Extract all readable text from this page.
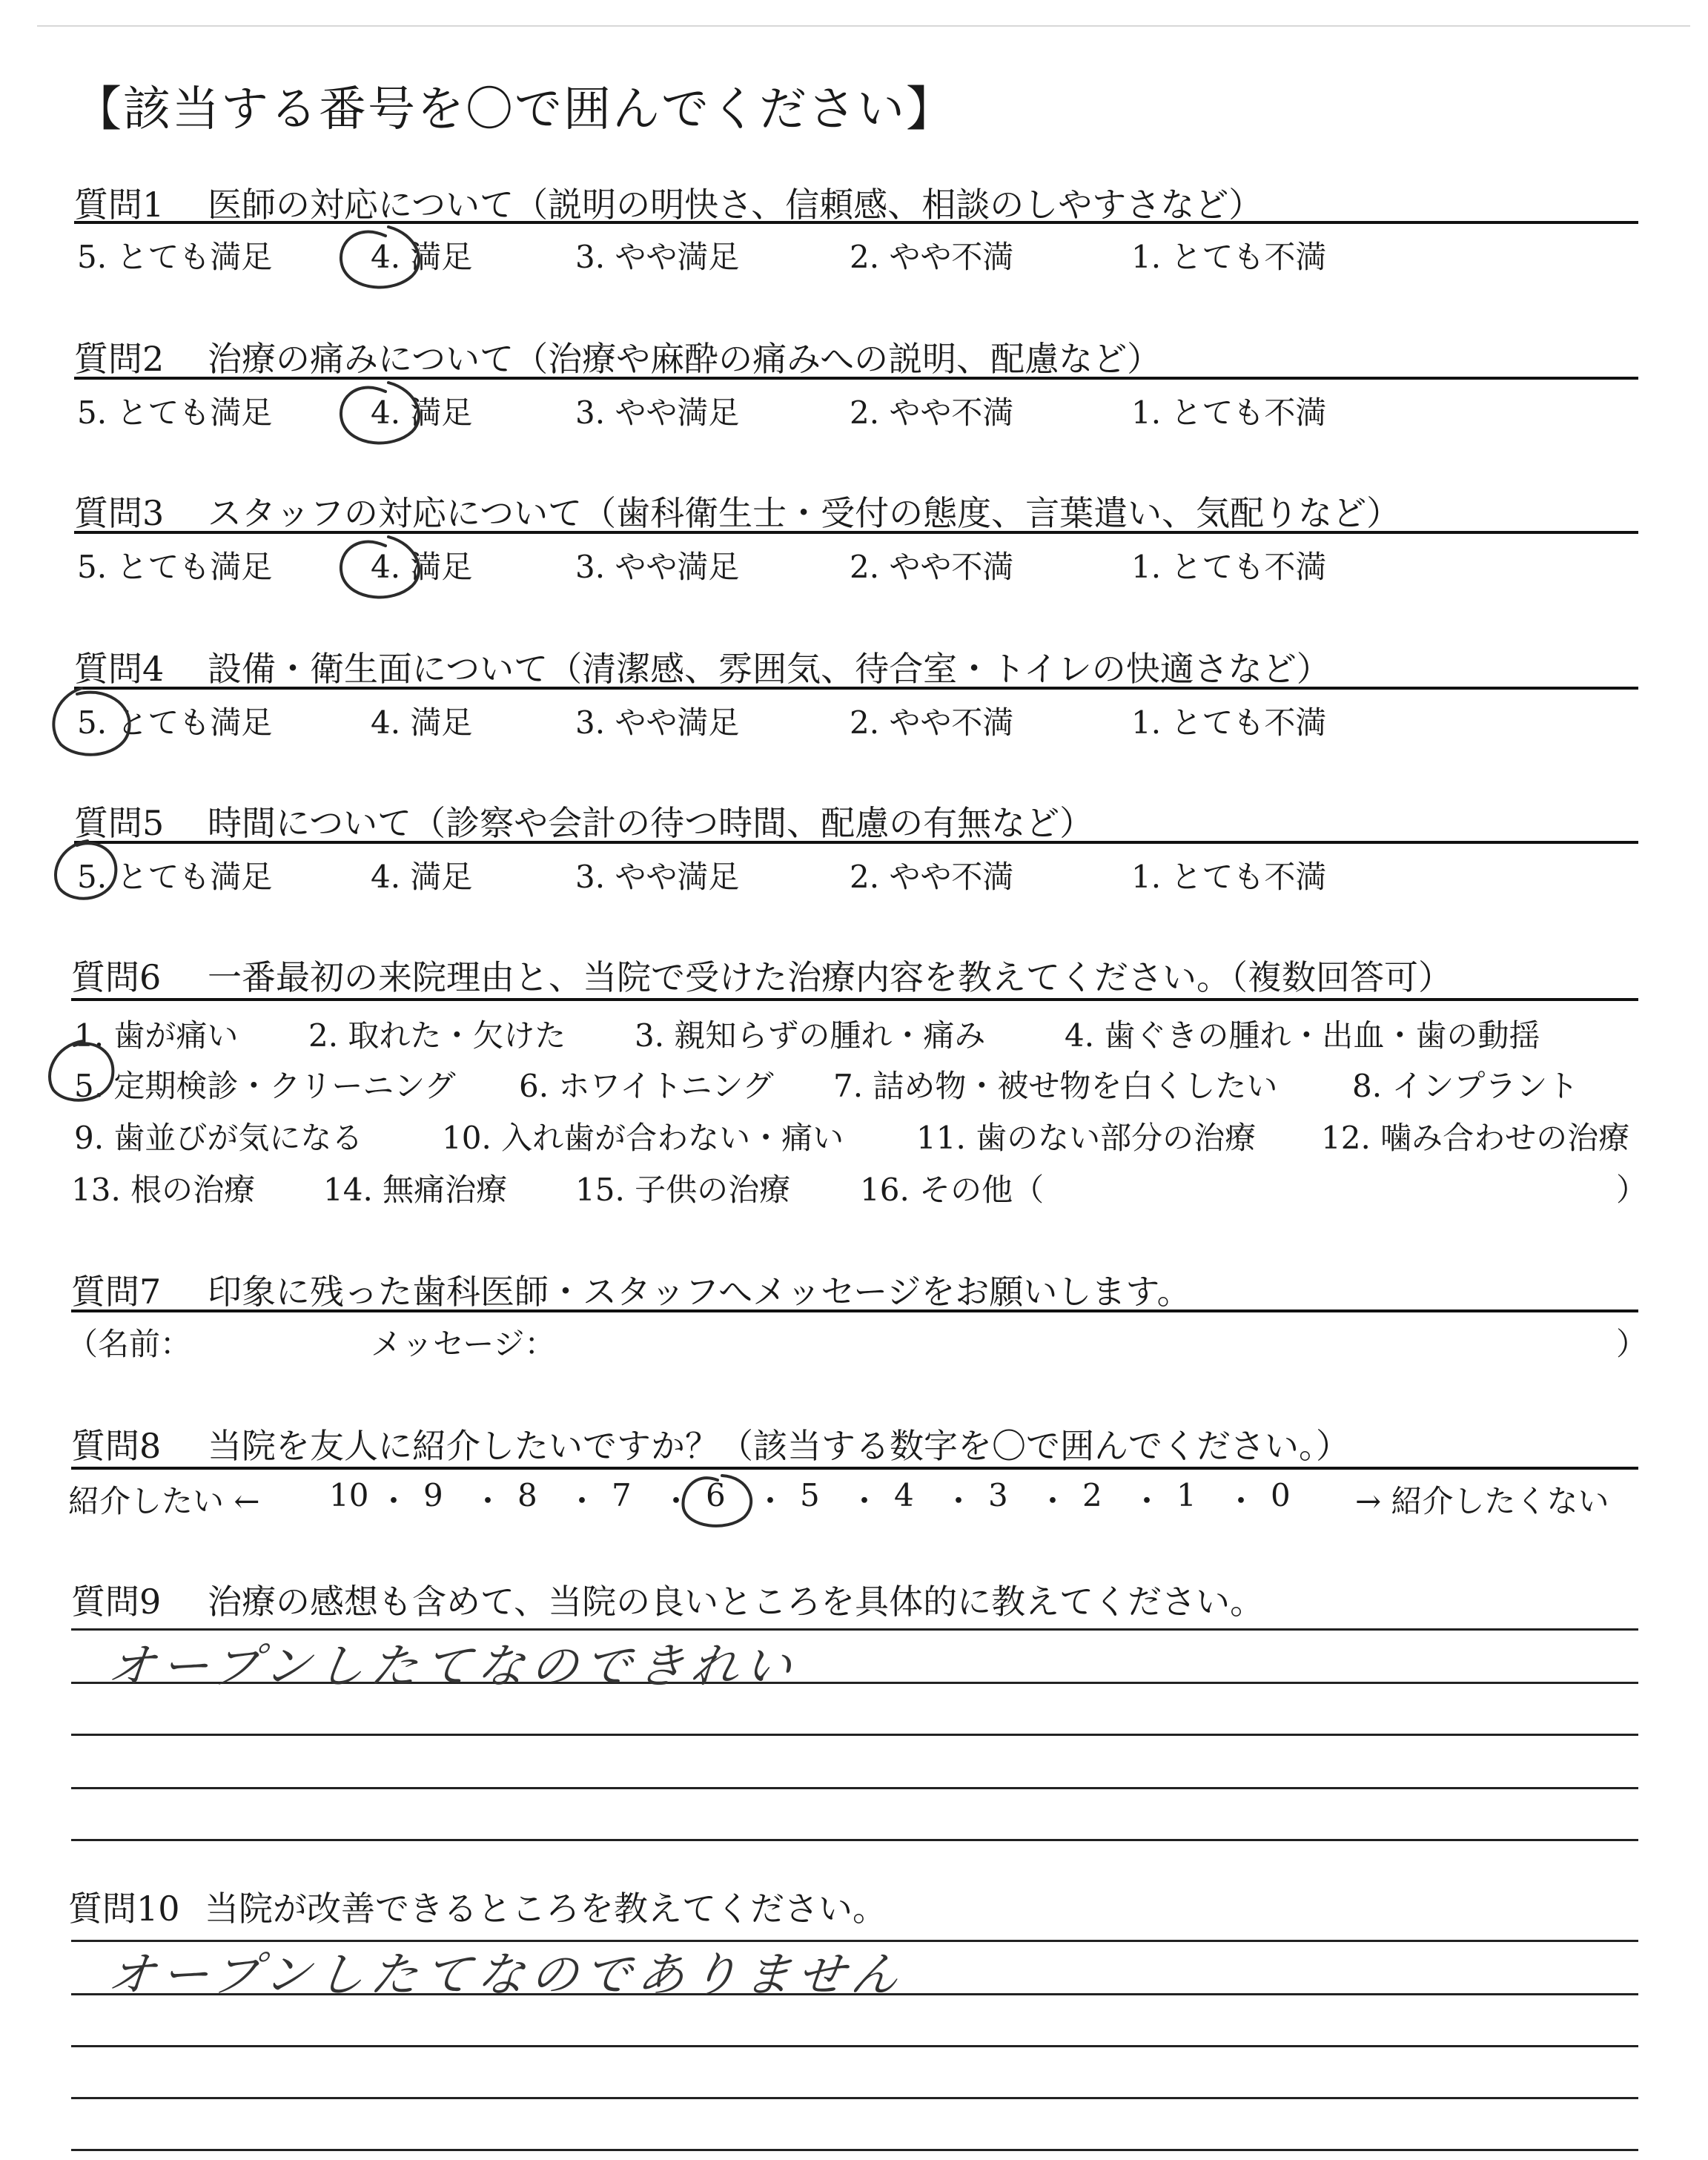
【該当する番号を〇で囲んでください】
質問1 医師の対応について（説明の明快さ、信頼感、相談のしやすさなど）
5. とても満足	4. 満足	3. やや満足	2. やや不満	1. とても不満
質問2 治療の痛みについて（治療や麻酔の痛みへの説明、配慮など）
5. とても満足	4. 満足	3. やや満足	2. やや不満	1. とても不満
質問3 スタッフの対応について（歯科衛生士・受付の態度、言葉遣い、気配りなど）
5. とても満足	4. 満足	3. やや満足	2. やや不満	1. とても不満
質問4 設備・衛生面について（清潔感、雰囲気、待合室・トイレの快適さなど）
5. とても満足	4. 満足	3. やや満足	2. やや不満	1. とても不満
質問5 時間について（診察や会計の待つ時間、配慮の有無など）
5. とても満足	4. 満足	3. やや満足	2. やや不満	1. とても不満
質問6 一番最初の来院理由と、当院で受けた治療内容を教えてください。（複数回答可）
1. 歯が痛い 2. 取れた・欠けた 3. 親知らずの腫れ・痛み	4. 歯ぐきの腫れ・出血・歯の動揺
5. 定期検診・クリーニング 6. ホワイトニング 7. 詰め物・被せ物を白くしたい 8. インプラント
9. 歯並びが気になる	10. 入れ歯が合わない・痛い 11. 歯のない部分の治療 12. 噛み合わせの治療
13. 根の治療 14. 無痛治療 15. 子供の治療 16. その他（	）
質問7 印象に残った歯科医師・スタッフへメッセージをお願いします。
（名前：	メッセージ：	）
質問8 当院を友人に紹介したいですか？（該当する数字を〇で囲んでください。）
紹介したい ←	→ 紹介したくない
10 ・ 9 ・ 8 ・ 7 ・ 6 ・ 5 ・ 4 ・ 3 ・ 2 ・ 1 ・ 0
質問9 治療の感想も含めて、当院の良いところを具体的に教えてください。
オープンしたてなのできれい
質問10 当院が改善できるところを教えてください。
オープンしたてなのでありません
